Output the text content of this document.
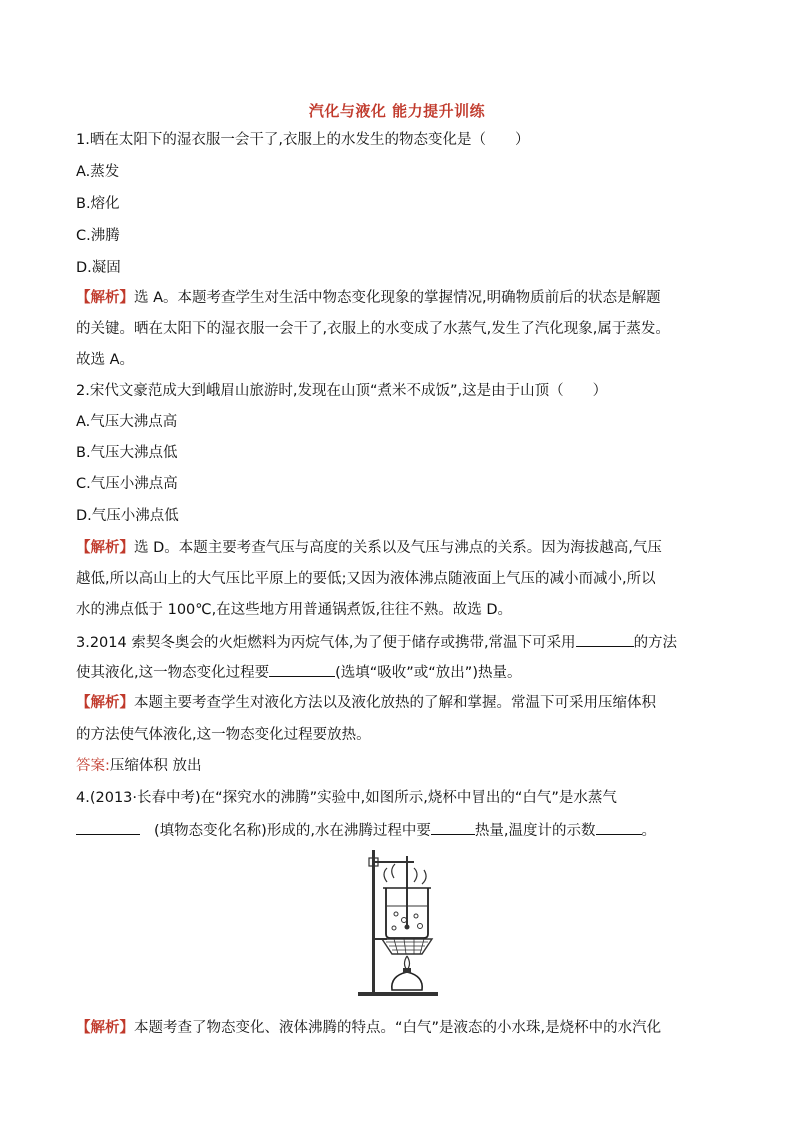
汽化与液化 能力提升训练
1.晒在太阳下的湿衣服一会干了,衣服上的水发生的物态变化是（　　）
A.蒸发
B.熔化
C.沸腾
D.凝固
【解析】选 A。本题考查学生对生活中物态变化现象的掌握情况,明确物质前后的状态是解题
的关键。晒在太阳下的湿衣服一会干了,衣服上的水变成了水蒸气,发生了汽化现象,属于蒸发。
故选 A。
2.宋代文豪范成大到峨眉山旅游时,发现在山顶“煮米不成饭”,这是由于山顶（　　）
A.气压大沸点高
B.气压大沸点低
C.气压小沸点高
D.气压小沸点低
【解析】选 D。本题主要考查气压与高度的关系以及气压与沸点的关系。因为海拔越高,气压
越低,所以高山上的大气压比平原上的要低;又因为液体沸点随液面上气压的减小而减小,所以
水的沸点低于 100℃,在这些地方用普通锅煮饭,往往不熟。故选 D。
3.2014 索契冬奥会的火炬燃料为丙烷气体,为了便于储存或携带,常温下可采用	的方法
使其液化,这一物态变化过程要	(选填“吸收”或“放出”)热量。
【解析】本题主要考查学生对液化方法以及液化放热的了解和掌握。常温下可采用压缩体积
的方法使气体液化,这一物态变化过程要放热。
答案:压缩体积 放出
4.(2013·长春中考)在“探究水的沸腾”实验中,如图所示,烧杯中冒出的“白气”是水蒸气
(填物态变化名称)形成的,水在沸腾过程中要	热量,温度计的示数	。
【解析】本题考查了物态变化、液体沸腾的特点。“白气”是液态的小水珠,是烧杯中的水汽化
